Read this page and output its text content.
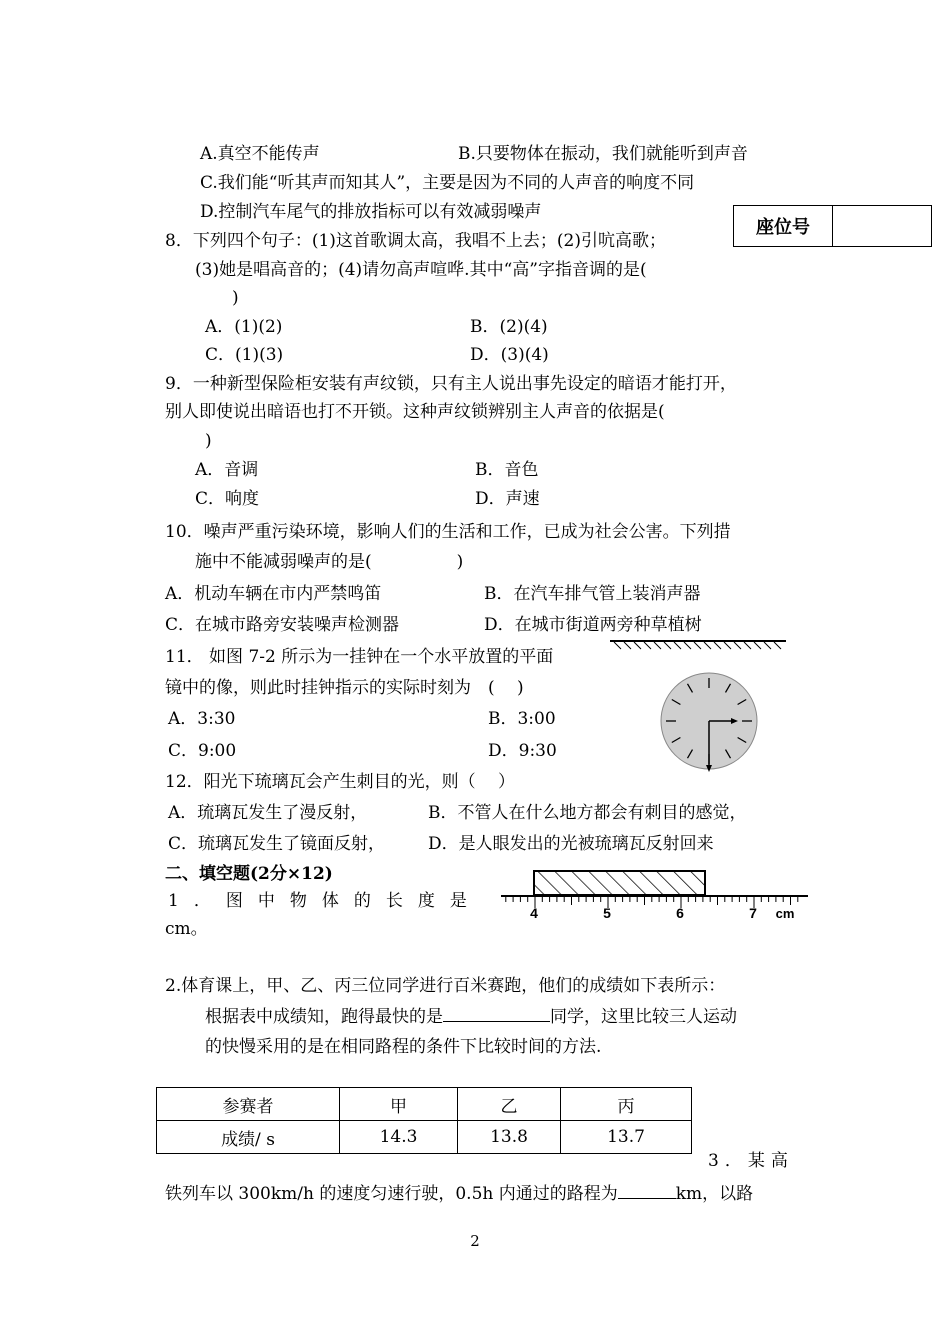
A.真空不能传声	B.只要物体在振动，我们就能听到声音
C.我们能“听其声而知其人”，主要是因为不同的人声音的响度不同
D.控制汽车尾气的排放指标可以有效减弱噪声
座位号	
8．下列四个句子：(1)这首歌调太高，我唱不上去；(2)引吭高歌；
(3)她是唱高音的；(4)请勿高声喧哗.其中“高”字指音调的是(
)
A．(1)(2)	B．(2)(4)
C．(1)(3)	D．(3)(4)
9．一种新型保险柜安装有声纹锁，只有主人说出事先设定的暗语才能打开，
别人即使说出暗语也打不开锁。这种声纹锁辨别主人声音的依据是(
)
A．音调	B．音色
C．响度	D．声速
10．噪声严重污染环境，影响人们的生活和工作，已成为社会公害。下列措
施中不能减弱噪声的是(　　　　　)
A．机动车辆在市内严禁鸣笛	B．在汽车排气管上装消声器
C．在城市路旁安装噪声检测器	D．在城市街道两旁种草植树
11． 如图 7-2 所示为一挂钟在一个水平放置的平面
镜中的像，则此时挂钟指示的实际时刻为　(　 )
A．3:30	B．3:00
C．9:00	D．9:30
12．阳光下琉璃瓦会产生刺目的光，则（　 ）
A．琉璃瓦发生了漫反射，	B．不管人在什么地方都会有刺目的感觉，
C．琉璃瓦发生了镜面反射，	D．是人眼发出的光被琉璃瓦反射回来
二、填空题(2分×12)
1．图中物体的长度是
cm。
4	5	6	7 cm
2.体育课上，甲、乙、丙三位同学进行百米赛跑，他们的成绩如下表所示：
根据表中成绩知，跑得最快的是	同学，这里比较三人运动
的快慢采用的是在相同路程的条件下比较时间的方法.
参赛者	甲	乙	丙
成绩/ s	14.3	13.8	13.7
3．某高
铁列车以 300km/h 的速度匀速行驶，0.5h 内通过的路程为	km，以路
2
